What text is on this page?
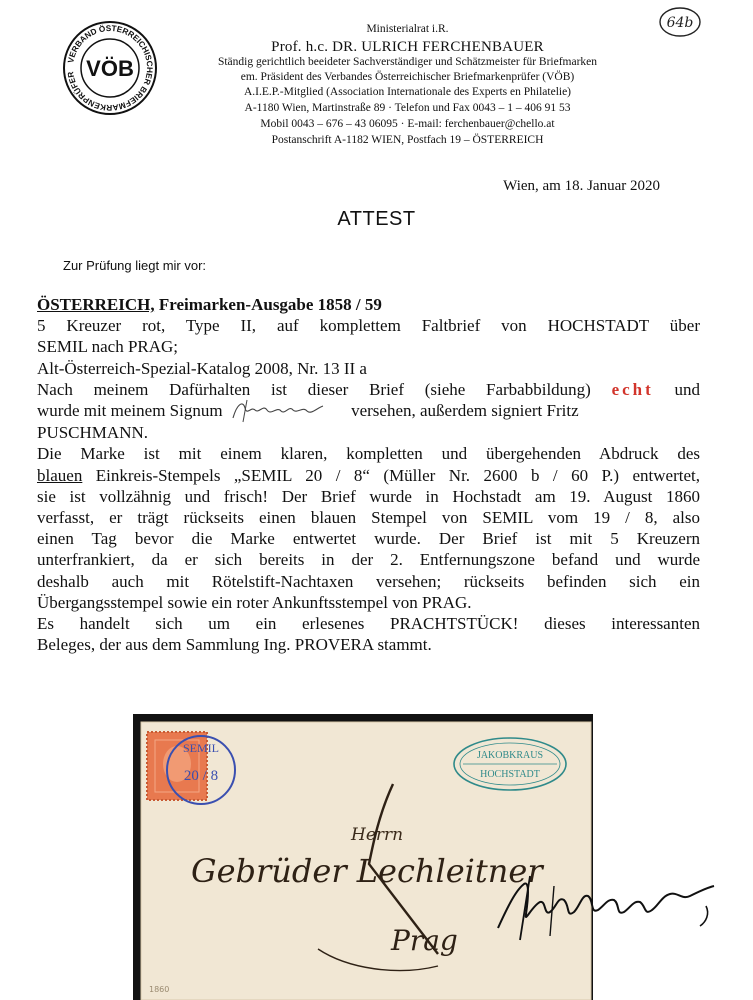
VERBAND ÖSTERREICHISCHER BRIEFMARKENPRÜFER VÖB
64b
Ministerialrat i.R.
Prof. h.c. DR. ULRICH FERCHENBAUER
Ständig gerichtlich beeideter Sachverständiger und Schätzmeister für Briefmarken
em. Präsident des Verbandes Österreichischer Briefmarkenprüfer (VÖB)
A.I.E.P.-Mitglied (Association Internationale des Experts en Philatelie)
A-1180 Wien, Martinstraße 89 · Telefon und Fax 0043 – 1 – 406 91 53
Mobil 0043 – 676 – 43 06095 · E-mail: ferchenbauer@chello.at
Postanschrift A-1182 WIEN, Postfach 19 – ÖSTERREICH
Wien, am 18. Januar 2020
ATTEST
Zur Prüfung liegt mir vor:

ÖSTERREICH, Freimarken-Ausgabe 1858 / 59

5 Kreuzer rot, Type II, auf komplettem Faltbrief von HOCHSTADT über

SEMIL nach PRAG;

Alt-Österreich-Spezial-Katalog 2008, Nr. 13 II a

Nach meinem Dafürhalten ist dieser Brief (siehe Farbabbildung) echt und

wurde mit meinem Signum	versehen, außerdem signiert Fritz

PUSCHMANN.

Die Marke ist mit einem klaren, kompletten und übergehenden Abdruck des

blauen Einkreis-Stempels „SEMIL 20 / 8“ (Müller Nr. 2600 b / 60 P.) entwertet,

sie ist vollzähnig und frisch! Der Brief wurde in Hochstadt am 19. August 1860

verfasst, er trägt rückseits einen blauen Stempel von SEMIL vom 19 / 8, also

einen Tag bevor die Marke entwertet wurde. Der Brief ist mit 5 Kreuzern

unterfrankiert, da er sich bereits in der 2. Entfernungszone befand und wurde

deshalb auch mit Rötelstift-Nachtaxen versehen; rückseits befinden sich ein

Übergangsstempel sowie ein roter Ankunftsstempel von PRAG.

Es handelt sich um ein erlesenes PRACHTSTÜCK! dieses interessanten

Beleges, der aus dem Sammlung Ing. PROVERA stammt.

SEMIL
20 / 8
JAKOBKRAUS
HOCHSTADT
Herrn
Gebrüder Lechleitner
Prag
1860
